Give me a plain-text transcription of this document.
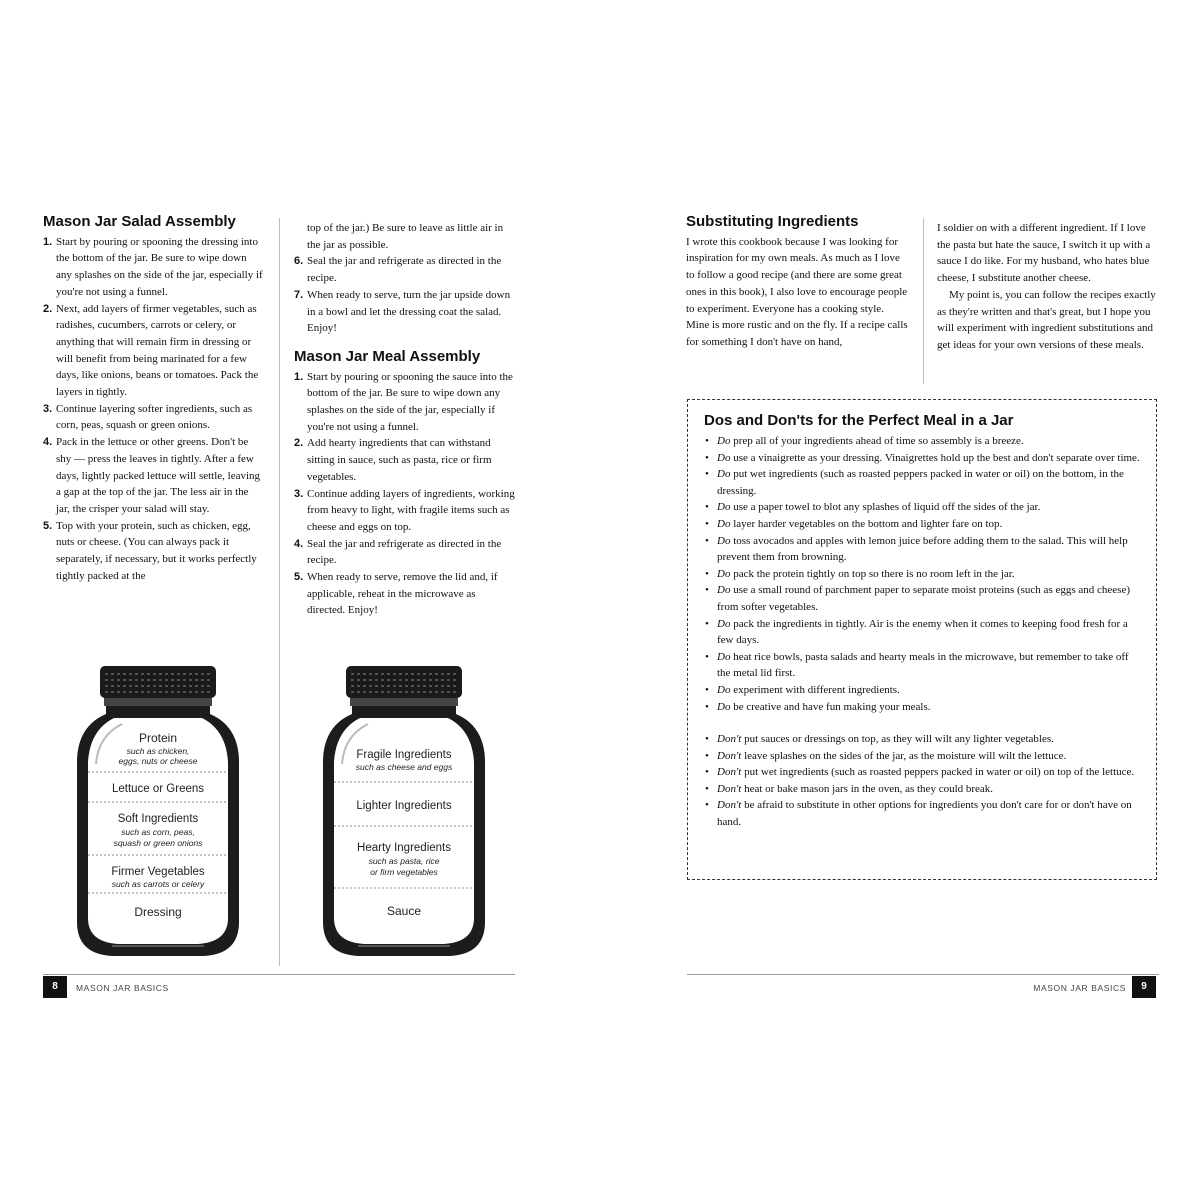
Mason Jar Salad Assembly
1. Start by pouring or spooning the dressing into the bottom of the jar. Be sure to wipe down any splashes on the side of the jar, especially if you're not using a funnel.
2. Next, add layers of firmer vegetables, such as radishes, cucumbers, carrots or celery, or anything that will remain firm in dressing or will benefit from being marinated for a few days, like onions, beans or tomatoes. Pack the layers in tightly.
3. Continue layering softer ingredients, such as corn, peas, squash or green onions.
4. Pack in the lettuce or other greens. Don't be shy — press the leaves in tightly. After a few days, lightly packed lettuce will settle, leaving a gap at the top of the jar. The less air in the jar, the crisper your salad will stay.
5. Top with your protein, such as chicken, egg, nuts or cheese. (You can always pack it separately, if necessary, but it works perfectly tightly packed at the
top of the jar.) Be sure to leave as little air in the jar as possible.
6. Seal the jar and refrigerate as directed in the recipe.
7. When ready to serve, turn the jar upside down in a bowl and let the dressing coat the salad. Enjoy!
Mason Jar Meal Assembly
1. Start by pouring or spooning the sauce into the bottom of the jar. Be sure to wipe down any splashes on the side of the jar, especially if you're not using a funnel.
2. Add hearty ingredients that can withstand sitting in sauce, such as pasta, rice or firm vegetables.
3. Continue adding layers of ingredients, working from heavy to light, with fragile items such as cheese and eggs on top.
4. Seal the jar and refrigerate as directed in the recipe.
5. When ready to serve, remove the lid and, if applicable, reheat in the microwave as directed. Enjoy!
Protein
such as chicken,
eggs, nuts or cheese
Lettuce or Greens
Soft Ingredients
such as corn, peas,
squash or green onions
Firmer Vegetables
such as carrots or celery
Dressing
Fragile Ingredients
such as cheese and eggs
Lighter Ingredients
Hearty Ingredients
such as pasta, rice
or firm vegetables
Sauce
8	MASON JAR BASICS
Substituting Ingredients

I wrote this cookbook because I was looking for inspiration for my own meals. As much as I love to follow a good recipe (and there are some great ones in this book), I also love to encourage people to experiment. Everyone has a cooking style. Mine is more rustic and on the fly. If a recipe calls for something I don't have on hand,

I soldier on with a different ingredient. If I love the pasta but hate the sauce, I switch it up with a sauce I do like. For my husband, who hates blue cheese, I substitute another cheese.

My point is, you can follow the recipes exactly as they're written and that's great, but I hope you will experiment with ingredient substitutions and get ideas for your own versions of these meals.

Dos and Don'ts for the Perfect Meal in a Jar
• Do prep all of your ingredients ahead of time so assembly is a breeze.
• Do use a vinaigrette as your dressing. Vinaigrettes hold up the best and don't separate over time.
• Do put wet ingredients (such as roasted peppers packed in water or oil) on the bottom, in the dressing.
• Do use a paper towel to blot any splashes of liquid off the sides of the jar.
• Do layer harder vegetables on the bottom and lighter fare on top.
• Do toss avocados and apples with lemon juice before adding them to the salad. This will help prevent them from browning.
• Do pack the protein tightly on top so there is no room left in the jar.
• Do use a small round of parchment paper to separate moist proteins (such as eggs and cheese) from softer vegetables.
• Do pack the ingredients in tightly. Air is the enemy when it comes to keeping food fresh for a few days.
• Do heat rice bowls, pasta salads and hearty meals in the microwave, but remember to take off the metal lid first.
• Do experiment with different ingredients.
• Do be creative and have fun making your meals.
• Don't put sauces or dressings on top, as they will wilt any lighter vegetables.
• Don't leave splashes on the sides of the jar, as the moisture will wilt the lettuce.
• Don't put wet ingredients (such as roasted peppers packed in water or oil) on top of the lettuce.
• Don't heat or bake mason jars in the oven, as they could break.
• Don't be afraid to substitute in other options for ingredients you don't care for or don't have on hand.
MASON JAR BASICS	9
